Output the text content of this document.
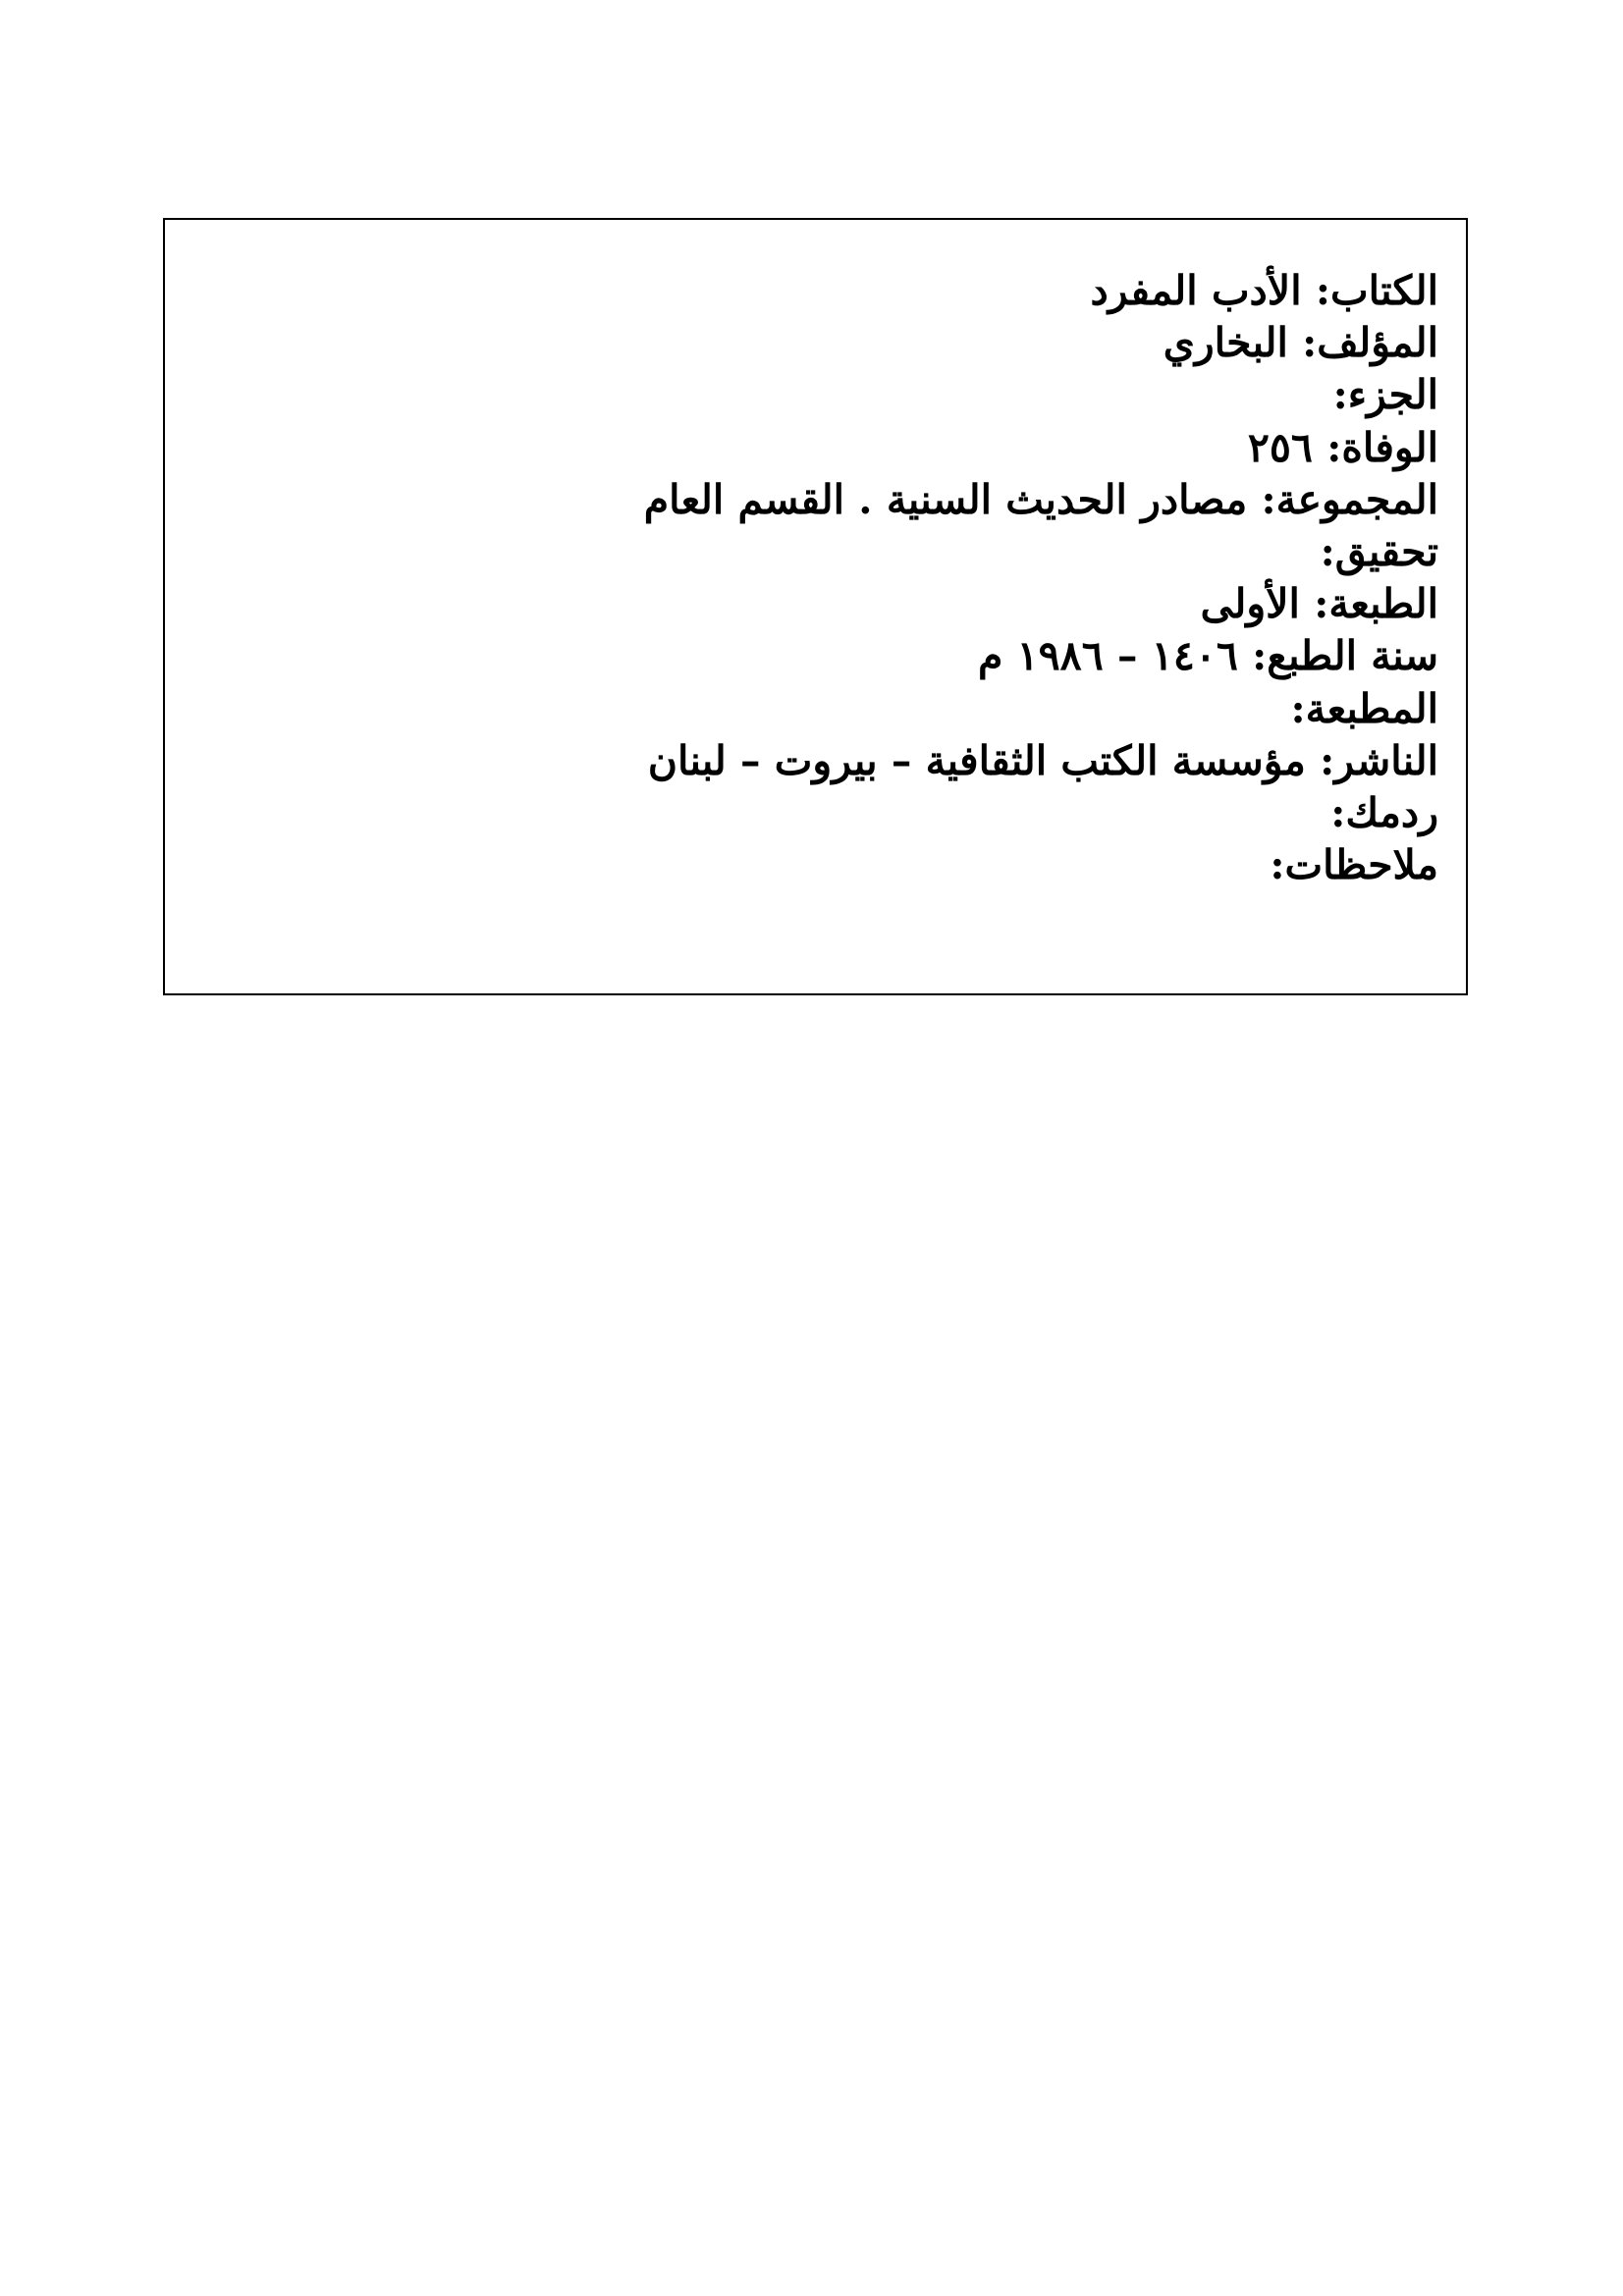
الكتاب: الأدب المفرد
المؤلف: البخاري
الجزء:
الوفاة: ٢٥٦
المجموعة: مصادر الحديث السنية . القسم العام
تحقيق:
الطبعة: الأولى
سنة الطبع: ١٤٠٦ – ١٩٨٦ م
المطبعة:
الناشر: مؤسسة الكتب الثقافية – بيروت – لبنان
ردمك:
ملاحظات:
